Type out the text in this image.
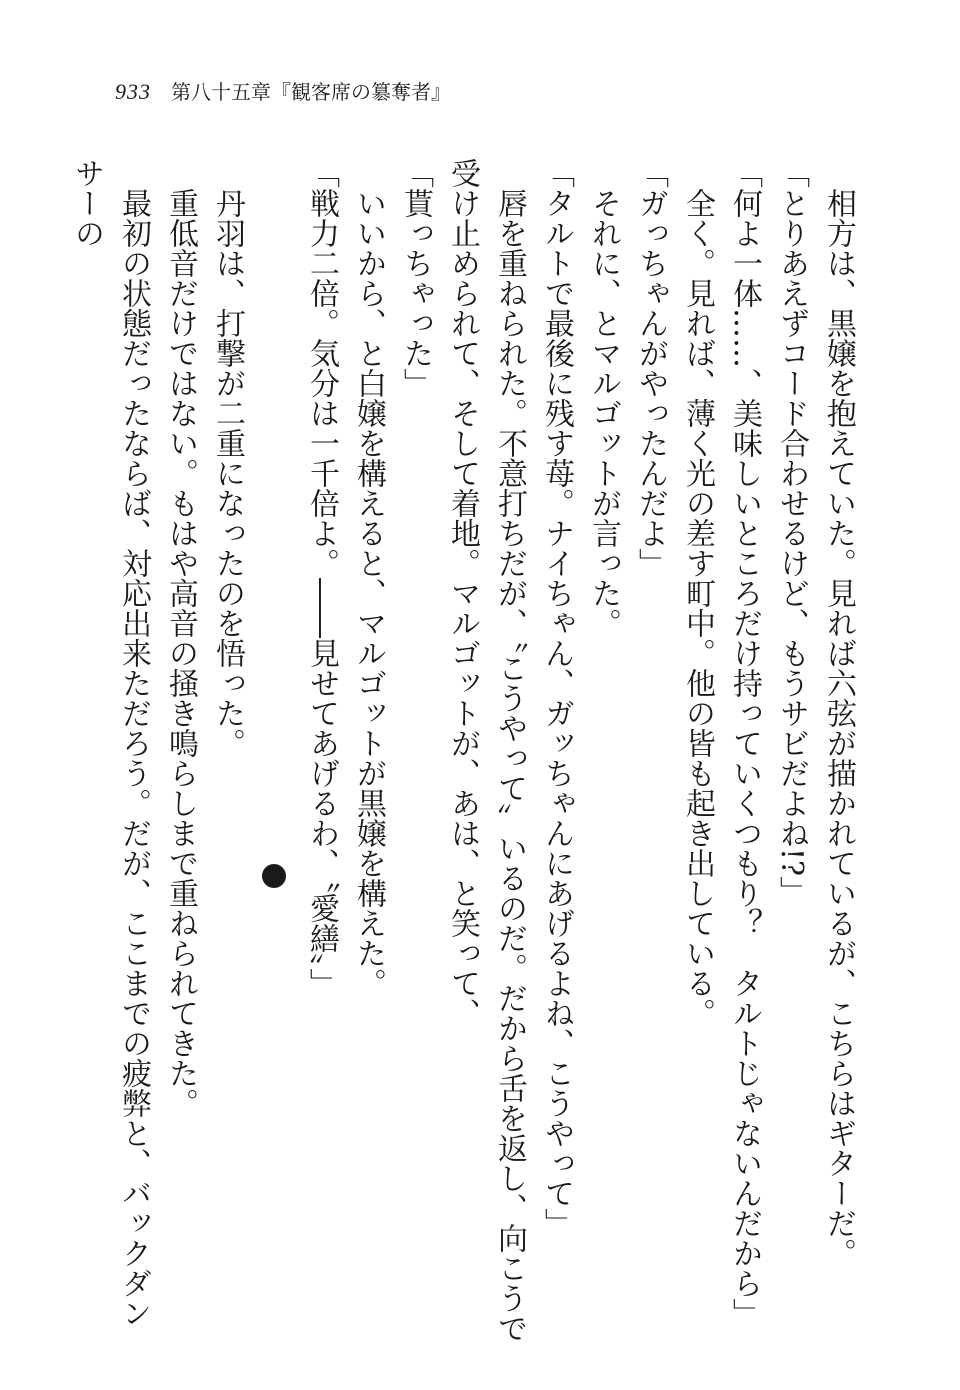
933 第八十五章『観客席の簒奪者』

相方は、黒嬢を抱えていた。見れば六弦が描かれているが、こちらはギターだ。

「とりあえずコード合わせるけど、もうサビだよね!?」

「何よ一体……、美味しいところだけ持っていくつもり？　タルトじゃないんだから」

全く。見れば、薄く光の差す町中。他の皆も起き出している。

「ガっちゃんがやったんだよ」

それに、とマルゴットが言った。

「タルトで最後に残す苺。ナイちゃん、ガッちゃんにあげるよね、こうやって」

唇を重ねられた。不意打ちだが、〝こうやって〟いるのだ。だから舌を返し、向こうで受け止められて、そして着地。マルゴットが、あは、と笑って、

「貰っちゃった」

いいから、と白嬢を構えると、マルゴットが黒嬢を構えた。

「戦力二倍。気分は一千倍よ。――見せてあげるわ、〝愛繕〟」

丹羽は、打撃が二重になったのを悟った。

重低音だけではない。もはや高音の掻き鳴らしまで重ねられてきた。

最初の状態だったならば、対応出来ただろう。だが、ここまでの疲弊と、バックダンサーの
